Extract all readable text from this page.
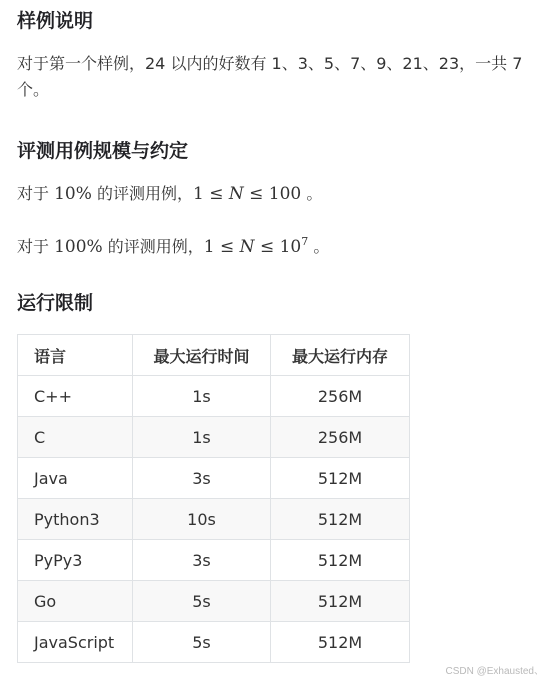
样例说明

对于第一个样例，24 以内的好数有 1、3、5、7、9、21、23，一共 7 个。

评测用例规模与约定

对于 10% 的评测用例，1 ≤ N ≤ 100 。

对于 100% 的评测用例，$1 \le N \le 10^7$ 。

运行限制
语言	最大运行时间	最大运行内存
C++	1s	256M
C	1s	256M
Java	3s	512M
Python3	10s	512M
PyPy3	3s	512M
Go	5s	512M
JavaScript	5s	512M
CSDN @Exhausted、
